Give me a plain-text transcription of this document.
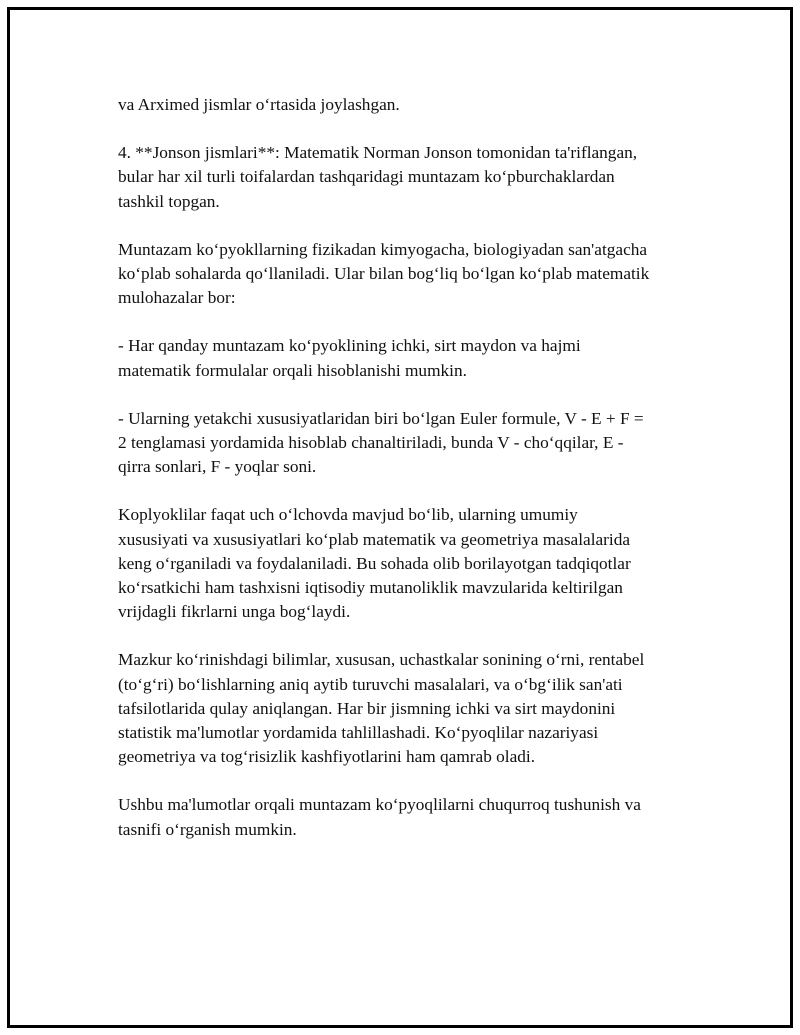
va Arximed jismlar o‘rtasida joylashgan.

4. **Jonson jismlari**: Matematik Norman Jonson tomonidan ta'riflangan,
bular har xil turli toifalardan tashqaridagi muntazam ko‘pburchaklardan
tashkil topgan.

Muntazam ko‘pyokllarning fizikadan kimyogacha, biologiyadan san'atgacha
ko‘plab sohalarda qo‘llaniladi. Ular bilan bog‘liq bo‘lgan ko‘plab matematik
mulohazalar bor:

- Har qanday muntazam ko‘pyoklining ichki, sirt maydon va hajmi
matematik formulalar orqali hisoblanishi mumkin.

- Ularning yetakchi xususiyatlaridan biri bo‘lgan Euler formule, V - E + F =
2 tenglamasi yordamida hisoblab chanaltiriladi, bunda V - cho‘qqilar, E -
qirra sonlari, F - yoqlar soni.

Koplyoklilar faqat uch o‘lchovda mavjud bo‘lib, ularning umumiy
xususiyati va xususiyatlari ko‘plab matematik va geometriya masalalarida
keng o‘rganiladi va foydalaniladi. Bu sohada olib borilayotgan tadqiqotlar
ko‘rsatkichi ham tashxisni iqtisodiy mutanoliklik mavzularida keltirilgan
vrijdagli fikrlarni unga bog‘laydi.

Mazkur ko‘rinishdagi bilimlar, xususan, uchastkalar sonining o‘rni, rentabel
(to‘g‘ri) bo‘lishlarning aniq aytib turuvchi masalalari, va o‘bg‘ilik san'ati
tafsilotlarida qulay aniqlangan. Har bir jismning ichki va sirt maydonini
statistik ma'lumotlar yordamida tahlillashadi. Ko‘pyoqlilar nazariyasi
geometriya va tog‘risizlik kashfiyotlarini ham qamrab oladi.

Ushbu ma'lumotlar orqali muntazam ko‘pyoqlilarni chuqurroq tushunish va
tasnifi o‘rganish mumkin.
